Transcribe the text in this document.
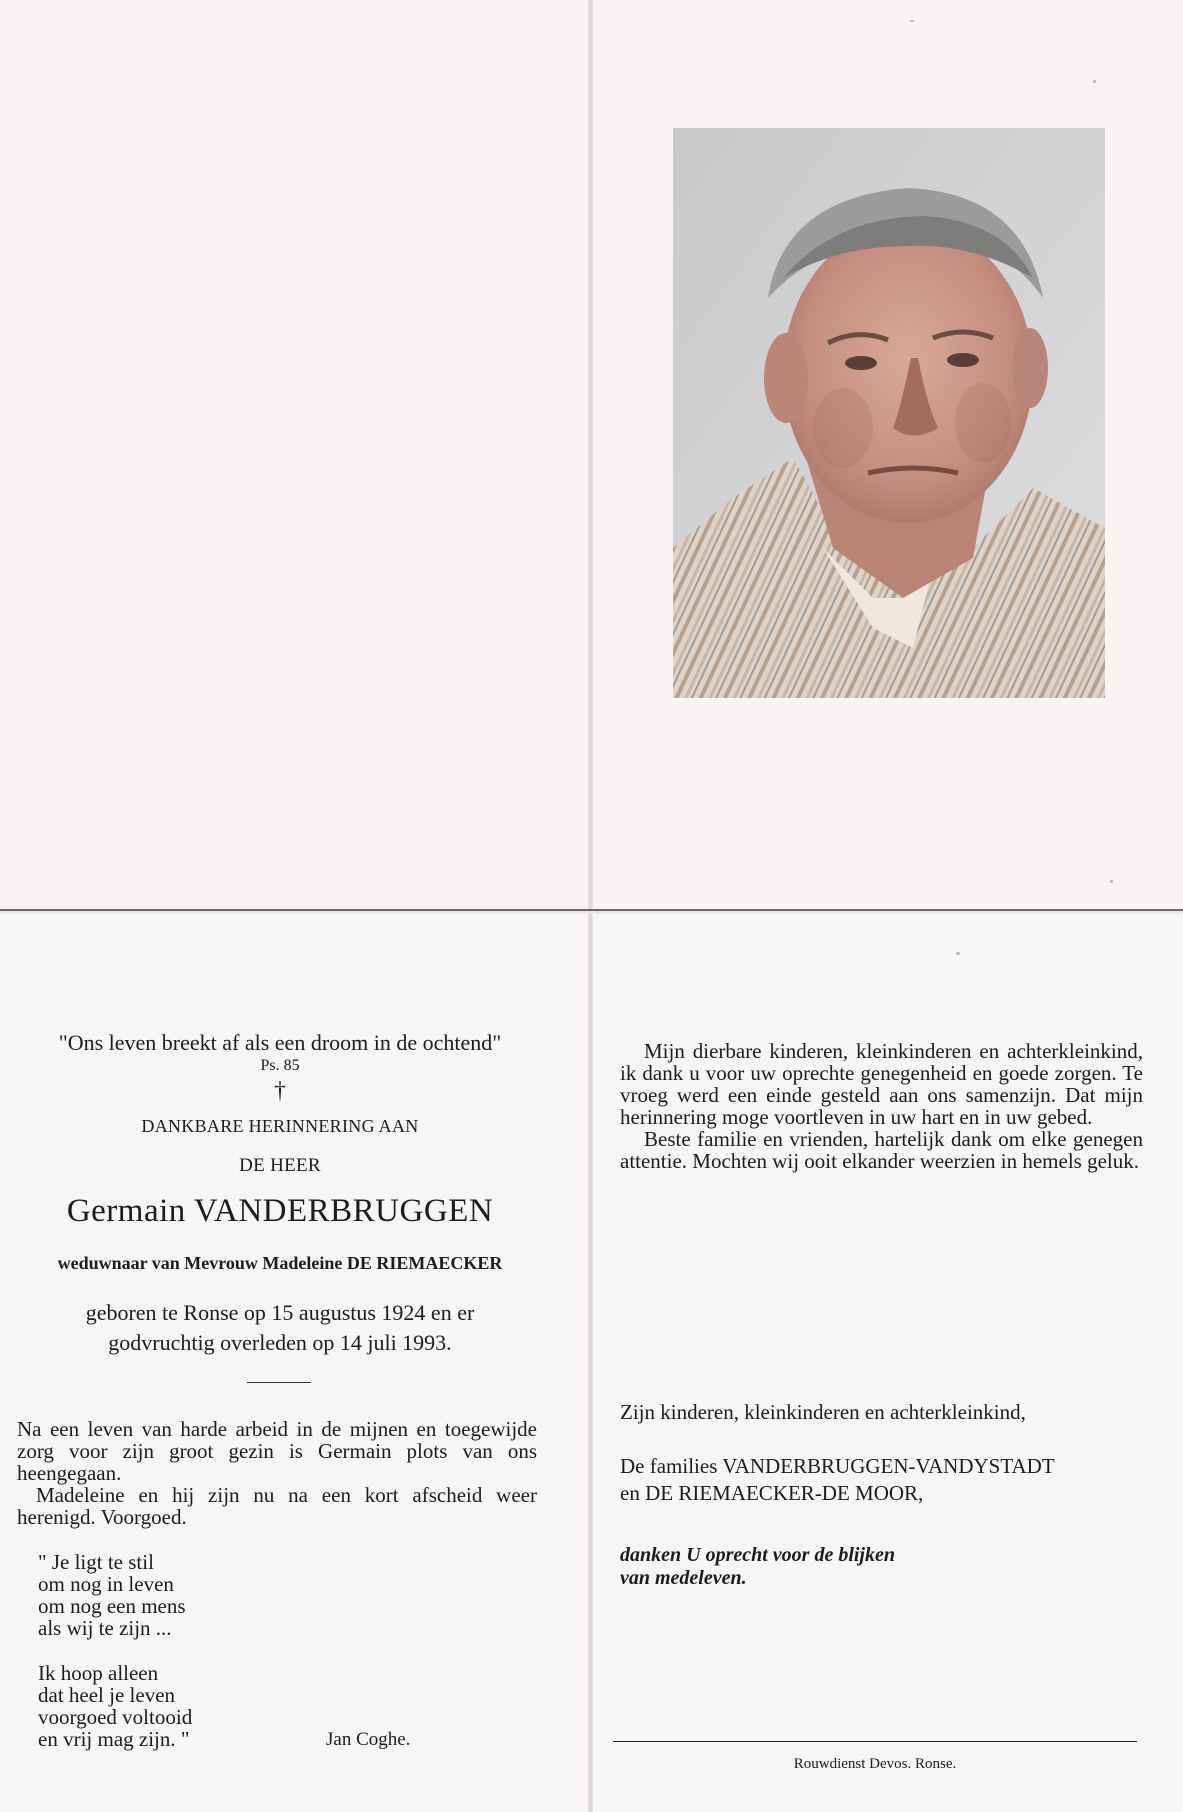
"Ons leven breekt af als een droom in de ochtend"
Ps. 85
†
DANKBARE HERINNERING AAN
DE HEER
Germain VANDERBRUGGEN
weduwnaar van Mevrouw Madeleine DE RIEMAECKER
geboren te Ronse op 15 augustus 1924 en er
godvruchtig overleden op 14 juli 1993.

Na een leven van harde arbeid in de mijnen en toegewijde zorg voor zijn groot gezin is Germain plots van ons heengegaan.

Madeleine en hij zijn nu na een kort afscheid weer herenigd. Voorgoed.

" Je ligt te stil
om nog in leven
om nog een mens
als wij te zijn ...
Ik hoop alleen
dat heel je leven
voorgoed voltooid
en vrij mag zijn. "	Jan Coghe.

Mijn dierbare kinderen, kleinkinderen en achterkleinkind, ik dank u voor uw oprechte genegenheid en goede zorgen. Te vroeg werd een einde gesteld aan ons samenzijn. Dat mijn herinnering moge voortleven in uw hart en in uw gebed.

Beste familie en vrienden, hartelijk dank om elke genegen attentie. Mochten wij ooit elkander weerzien in hemels geluk.

Zijn kinderen, kleinkinderen en achterkleinkind,
De families VANDERBRUGGEN-VANDYSTADT
en DE RIEMAECKER-DE MOOR,
danken U oprecht voor de blijken
van medeleven.
Rouwdienst Devos. Ronse.
